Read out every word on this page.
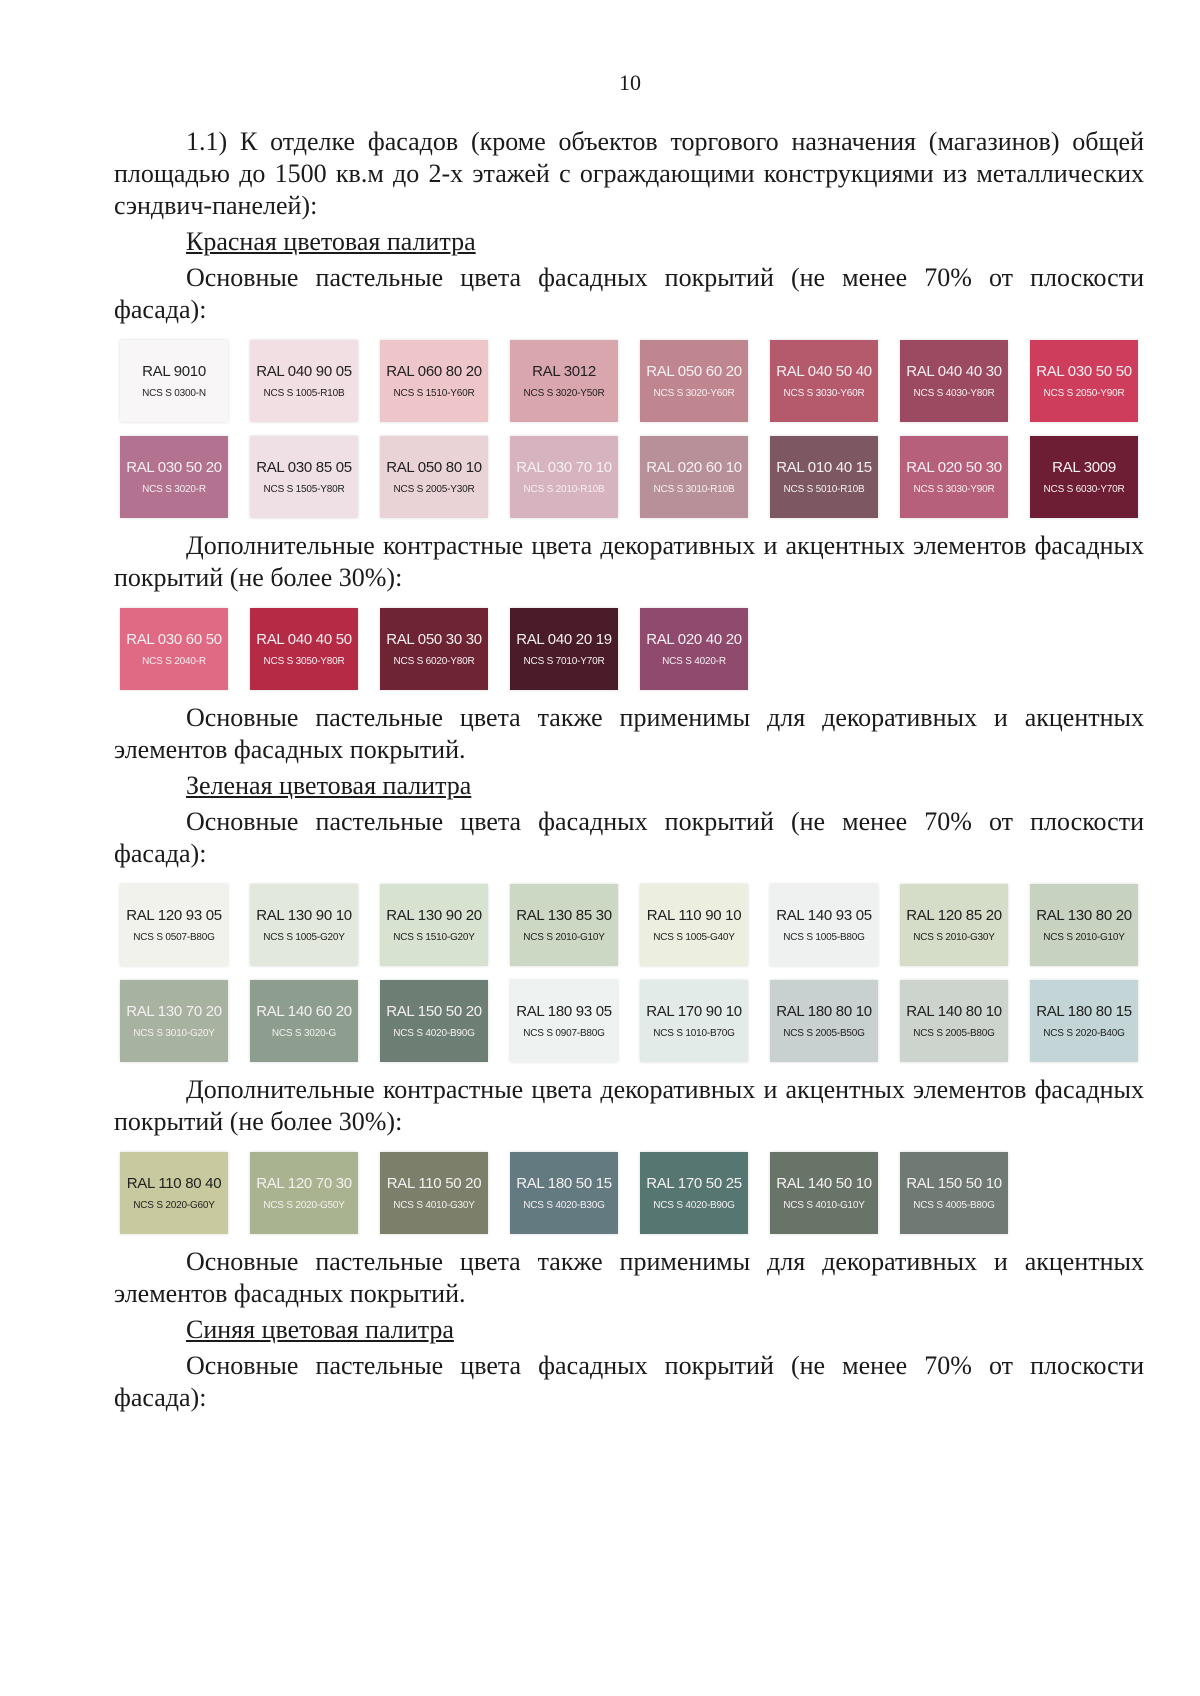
10

1.1) К отделке фасадов (кроме объектов торгового назначения (магазинов) общей площадью до 1500 кв.м до 2-х этажей с ограждающими конструкциями из металлических сэндвич-панелей):

Красная цветовая палитра

Основные пастельные цвета фасадных покрытий (не менее 70% от плоскости фасада):

RAL 9010
NCS S 0300-N
RAL 040 90 05
NCS S 1005-R10B
RAL 060 80 20
NCS S 1510-Y60R
RAL 3012
NCS S 3020-Y50R
RAL 050 60 20
NCS S 3020-Y60R
RAL 040 50 40
NCS S 3030-Y60R
RAL 040 40 30
NCS S 4030-Y80R
RAL 030 50 50
NCS S 2050-Y90R
RAL 030 50 20
NCS S 3020-R
RAL 030 85 05
NCS S 1505-Y80R
RAL 050 80 10
NCS S 2005-Y30R
RAL 030 70 10
NCS S 2010-R10B
RAL 020 60 10
NCS S 3010-R10B
RAL 010 40 15
NCS S 5010-R10B
RAL 020 50 30
NCS S 3030-Y90R
RAL 3009
NCS S 6030-Y70R

Дополнительные контрастные цвета декоративных и акцентных элементов фасадных покрытий (не более 30%):

RAL 030 60 50
NCS S 2040-R
RAL 040 40 50
NCS S 3050-Y80R
RAL 050 30 30
NCS S 6020-Y80R
RAL 040 20 19
NCS S 7010-Y70R
RAL 020 40 20
NCS S 4020-R

Основные пастельные цвета также применимы для декоративных и акцентных элементов фасадных покрытий.

Зеленая цветовая палитра

Основные пастельные цвета фасадных покрытий (не менее 70% от плоскости фасада):

RAL 120 93 05
NCS S 0507-B80G
RAL 130 90 10
NCS S 1005-G20Y
RAL 130 90 20
NCS S 1510-G20Y
RAL 130 85 30
NCS S 2010-G10Y
RAL 110 90 10
NCS S 1005-G40Y
RAL 140 93 05
NCS S 1005-B80G
RAL 120 85 20
NCS S 2010-G30Y
RAL 130 80 20
NCS S 2010-G10Y
RAL 130 70 20
NCS S 3010-G20Y
RAL 140 60 20
NCS S 3020-G
RAL 150 50 20
NCS S 4020-B90G
RAL 180 93 05
NCS S 0907-B80G
RAL 170 90 10
NCS S 1010-B70G
RAL 180 80 10
NCS S 2005-B50G
RAL 140 80 10
NCS S 2005-B80G
RAL 180 80 15
NCS S 2020-B40G

Дополнительные контрастные цвета декоративных и акцентных элементов фасадных покрытий (не более 30%):

RAL 110 80 40
NCS S 2020-G60Y
RAL 120 70 30
NCS S 2020-G50Y
RAL 110 50 20
NCS S 4010-G30Y
RAL 180 50 15
NCS S 4020-B30G
RAL 170 50 25
NCS S 4020-B90G
RAL 140 50 10
NCS S 4010-G10Y
RAL 150 50 10
NCS S 4005-B80G

Основные пастельные цвета также применимы для декоративных и акцентных элементов фасадных покрытий.

Синяя цветовая палитра

Основные пастельные цвета фасадных покрытий (не менее 70% от плоскости фасада):
